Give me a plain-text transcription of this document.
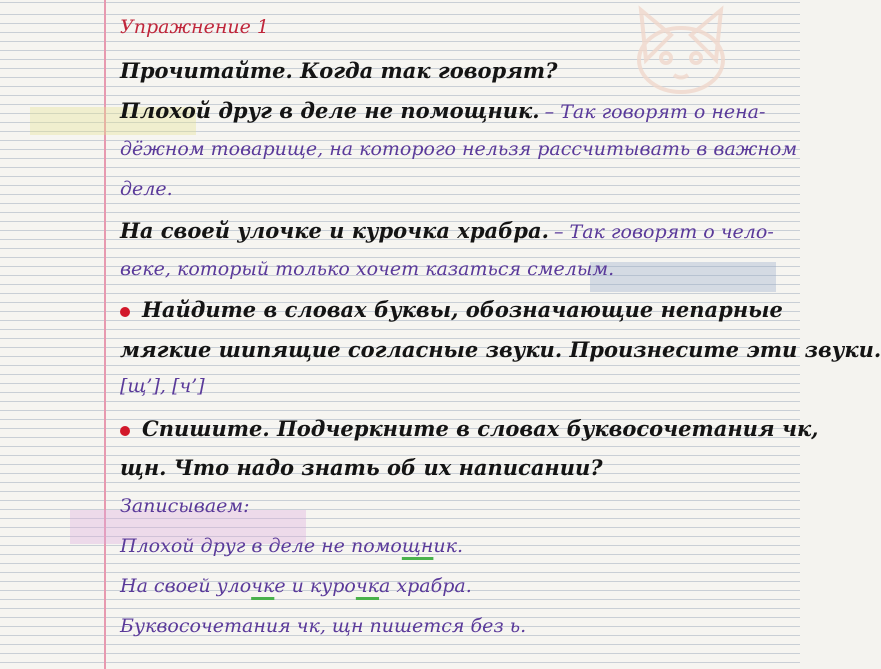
Упражнение 1

Прочитайте. Когда так говорят?

Плохой друг в деле не помощник. – Так говорят о нена-

дёжном товарище, на которого нельзя рассчитывать в важном

деле.

На своей улочке и курочка храбра. – Так говорят о чело-

веке, который только хочет казаться смелым.

Найдите в словах буквы, обозначающие непарные

мягкие шипящие согласные звуки. Произнесите эти звуки.

[щ’], [ч’]

Спишите. Подчеркните в словах буквосочетания чк,

щн. Что надо знать об их написании?

Записываем:

Плохой друг в деле не помощник.

На своей улочке и курочка храбра.

Буквосочетания чк, щн пишется без ь.
